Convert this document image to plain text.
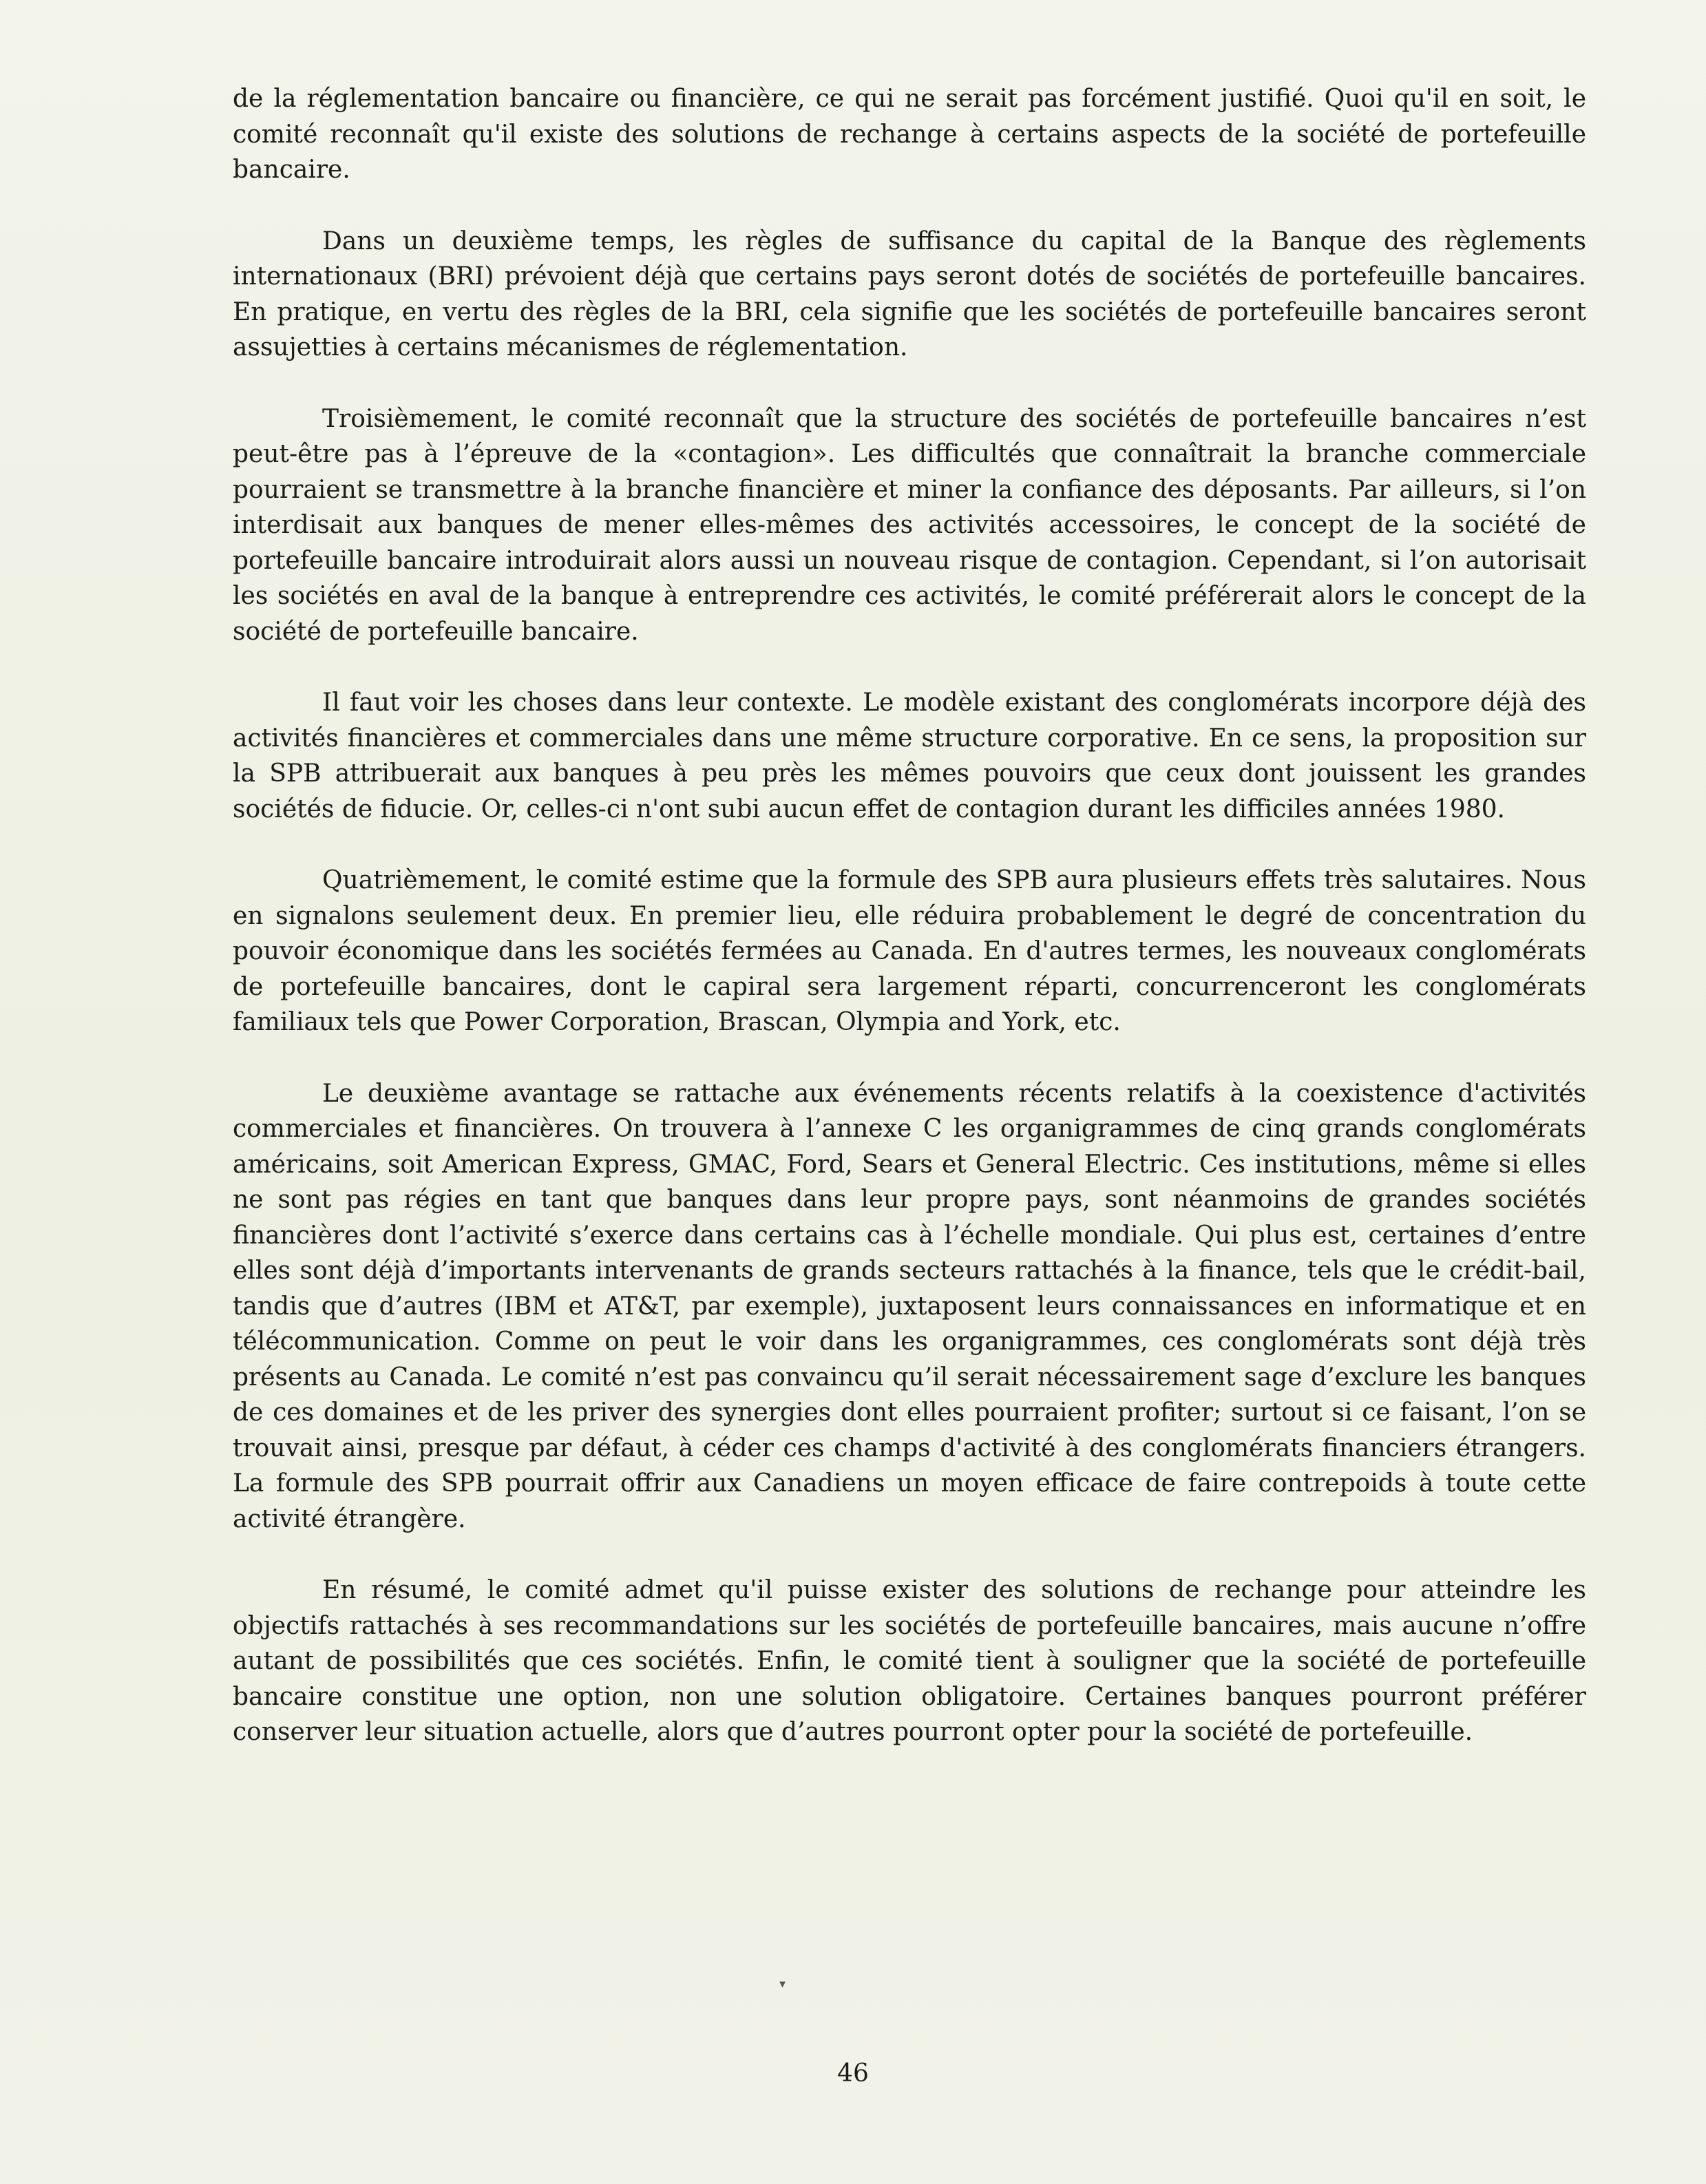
de la réglementation bancaire ou financière, ce qui ne serait pas forcément justifié. Quoi qu'il en soit, le comité reconnaît qu'il existe des solutions de rechange à certains aspects de la société de portefeuille bancaire.

Dans un deuxième temps, les règles de suffisance du capital de la Banque des règlements internationaux (BRI) prévoient déjà que certains pays seront dotés de sociétés de portefeuille bancaires. En pratique, en vertu des règles de la BRI, cela signifie que les sociétés de portefeuille bancaires seront assujetties à certains mécanismes de réglementation.

Troisièmement, le comité reconnaît que la structure des sociétés de portefeuille bancaires n’est peut-être pas à l’épreuve de la «contagion». Les difficultés que connaîtrait la branche commerciale pourraient se transmettre à la branche financière et miner la confiance des déposants. Par ailleurs, si l’on interdisait aux banques de mener elles-mêmes des activités accessoires, le concept de la société de portefeuille bancaire introduirait alors aussi un nouveau risque de contagion. Cependant, si l’on autorisait les sociétés en aval de la banque à entreprendre ces activités, le comité préférerait alors le concept de la société de portefeuille bancaire.

Il faut voir les choses dans leur contexte. Le modèle existant des conglomérats incorpore déjà des activités financières et commerciales dans une même structure corporative. En ce sens, la proposition sur la SPB attribuerait aux banques à peu près les mêmes pouvoirs que ceux dont jouissent les grandes sociétés de fiducie. Or, celles-ci n'ont subi aucun effet de contagion durant les difficiles années 1980.

Quatrièmement, le comité estime que la formule des SPB aura plusieurs effets très salutaires. Nous en signalons seulement deux. En premier lieu, elle réduira probablement le degré de concentration du pouvoir économique dans les sociétés fermées au Canada. En d'autres termes, les nouveaux conglomérats de portefeuille bancaires, dont le capiral sera largement réparti, concurrenceront les conglomérats familiaux tels que Power Corporation, Brascan, Olympia and York, etc.

Le deuxième avantage se rattache aux événements récents relatifs à la coexistence d'activités commerciales et financières. On trouvera à l’annexe C les organigrammes de cinq grands conglomérats américains, soit American Express, GMAC, Ford, Sears et General Electric. Ces institutions, même si elles ne sont pas régies en tant que banques dans leur propre pays, sont néanmoins de grandes sociétés financières dont l’activité s’exerce dans certains cas à l’échelle mondiale. Qui plus est, certaines d’entre elles sont déjà d’importants intervenants de grands secteurs rattachés à la finance, tels que le crédit-bail, tandis que d’autres (IBM et AT&T, par exemple), juxtaposent leurs connaissances en informatique et en télécommunication. Comme on peut le voir dans les organigrammes, ces conglomérats sont déjà très présents au Canada. Le comité n’est pas convaincu qu’il serait nécessairement sage d’exclure les banques de ces domaines et de les priver des synergies dont elles pourraient profiter; surtout si ce faisant, l’on se trouvait ainsi, presque par défaut, à céder ces champs d'activité à des conglomérats financiers étrangers. La formule des SPB pourrait offrir aux Canadiens un moyen efficace de faire contrepoids à toute cette activité étrangère.

En résumé, le comité admet qu'il puisse exister des solutions de rechange pour atteindre les objectifs rattachés à ses recommandations sur les sociétés de portefeuille bancaires, mais aucune n’offre autant de possibilités que ces sociétés. Enfin, le comité tient à souligner que la société de portefeuille bancaire constitue une option, non une solution obligatoire. Certaines banques pourront préférer conserver leur situation actuelle, alors que d’autres pourront opter pour la société de portefeuille.

▾
46
